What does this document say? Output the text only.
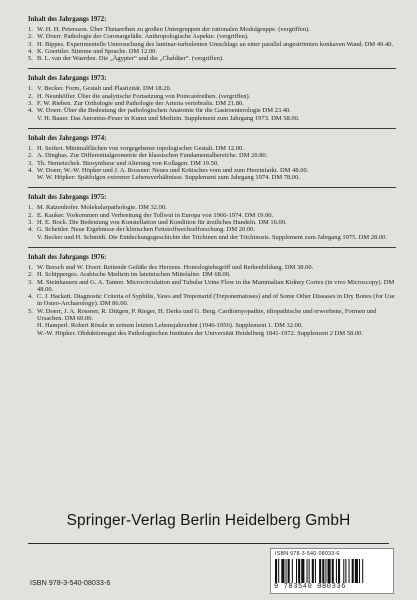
Inhalt des Jahrgangs 1972:
1. W. H. H. Petersson. Über Thetareihen zu großen Untergruppen der rationalen Modulgruppe. (vergriffen).
2. W. Doerr. Pathologie der Coronargefäße. Anthropologische Aspekte. (vergriffen).
3. H. Bippes. Experimentelle Untersuchung des laminar-turbulenten Umschlags an einer parallel angeströmten konkaven Wand. DM 49.40.
4. K. Goerttler. Stimme und Sprache. DM 12.00.
5. B. L. van der Waerden. Die „Ägypter“ und die „Chaldäer“. (vergriffen).
Inhalt des Jahrgangs 1973:
1. V. Becker. Form, Gestalt und Plastizität. DM 18.20.
2. H. Neunhöffer. Über die analytische Fortsetzung von Poincaréreihen. (vergriffen).
3. F. W. Rieben. Zur Orthologie und Pathologie der Arteria vertebralis. DM 21.80.
4. W. Doerr. Über die Bedeutung der pathologischen Anatomie für die Gastroenterologie DM 23.40.
V. H. Bauer. Das Antonius-Feuer in Kunst und Medizin. Supplement zum Jahrgang 1973. DM 58.00.
Inhalt des Jahrgangs 1974:
1. H. Seifert. Minimalflächen von vorgegebener topologischer Gestalt. DM 12.00.
2. A. Dinghas. Zur Differentialgeometrie der klassischen Fundamentalbereiche. DM 20.80.
3. Th. Nemetschek. Biosynthese und Alterung von Kollagen. DM 19.50.
4. W. Doerr, W.-W. Höpker und J. A. Rossner: Neues und Kritisches vom und zum Herzinfarkt. DM 48.00.
W. W. Höpker: Spätfolgen extremer Lebensverhältnisse. Supplement zum Jahrgang 1974. DM 78.00.
Inhalt des Jahrgangs 1975:
1. M. Ratzenhofer. Molekularpathologie. DM 32.00.
2. E. Kauker. Vorkommen und Verbreitung der Tollwut in Europa von 1966-1974. DM 19.00.
3. H. E. Bock. Die Bedeutung von Konstellation und Kondition für ärztliches Handeln. DM 16.00.
4. G. Schettler. Neue Ergebnisse der klinischen Fettstoffwechselforschung. DM 20.00.
V. Becker und H. Schmidt. Die Entdeckungsgeschichte der Trichinen und der Trichinosis. Supplement zum Jahrgang 1975. DM 28.00.
Inhalt des Jahrgangs 1976:
1. W. Bersch und W. Doerr. Reitende Gefäße des Herzens. Homologiebegriff und Reihenbildung. DM 38.00.
2. H. Schipperges. Arabische Medizin im lateinischen Mittelalter. DM 68.00.
3. M. Steinhausen and G. A. Tanner. Microcirculation and Tubular Urine Flow in the Mammalian Kidney Cortex (in vivo Microscopy). DM 48.00.
4. C. J. Hackett. Diagnostic Criteria of Syphilis, Yaws and Treponarid (Treponematoses) and of Some Other Diseases in Dry Bones (for Use in Osteo-Archaeology). DM 86.00.
5. W. Doerr, J. A. Rossner, R. Dittgen, P. Rieger, H. Derks und G. Berg. Cardiomyopathie, idiopathische und erworbene, Formen und Ursachen. DM 60.00.
H. Hamperl. Robert Rössle in seinem letzten Lebensjahrzehnt (1946-1956). Supplement 1. DM 32.00.
W.-W. Höpker. Obduktionsgut des Pathologischen Institutes der Universität Heidelberg 1841-1972. Supplement 2 DM 58.00.
Springer-Verlag Berlin Heidelberg GmbH
ISBN 978-3-540-08033-6
ISBN 978-3-540-08033-6
9 783540 080336
